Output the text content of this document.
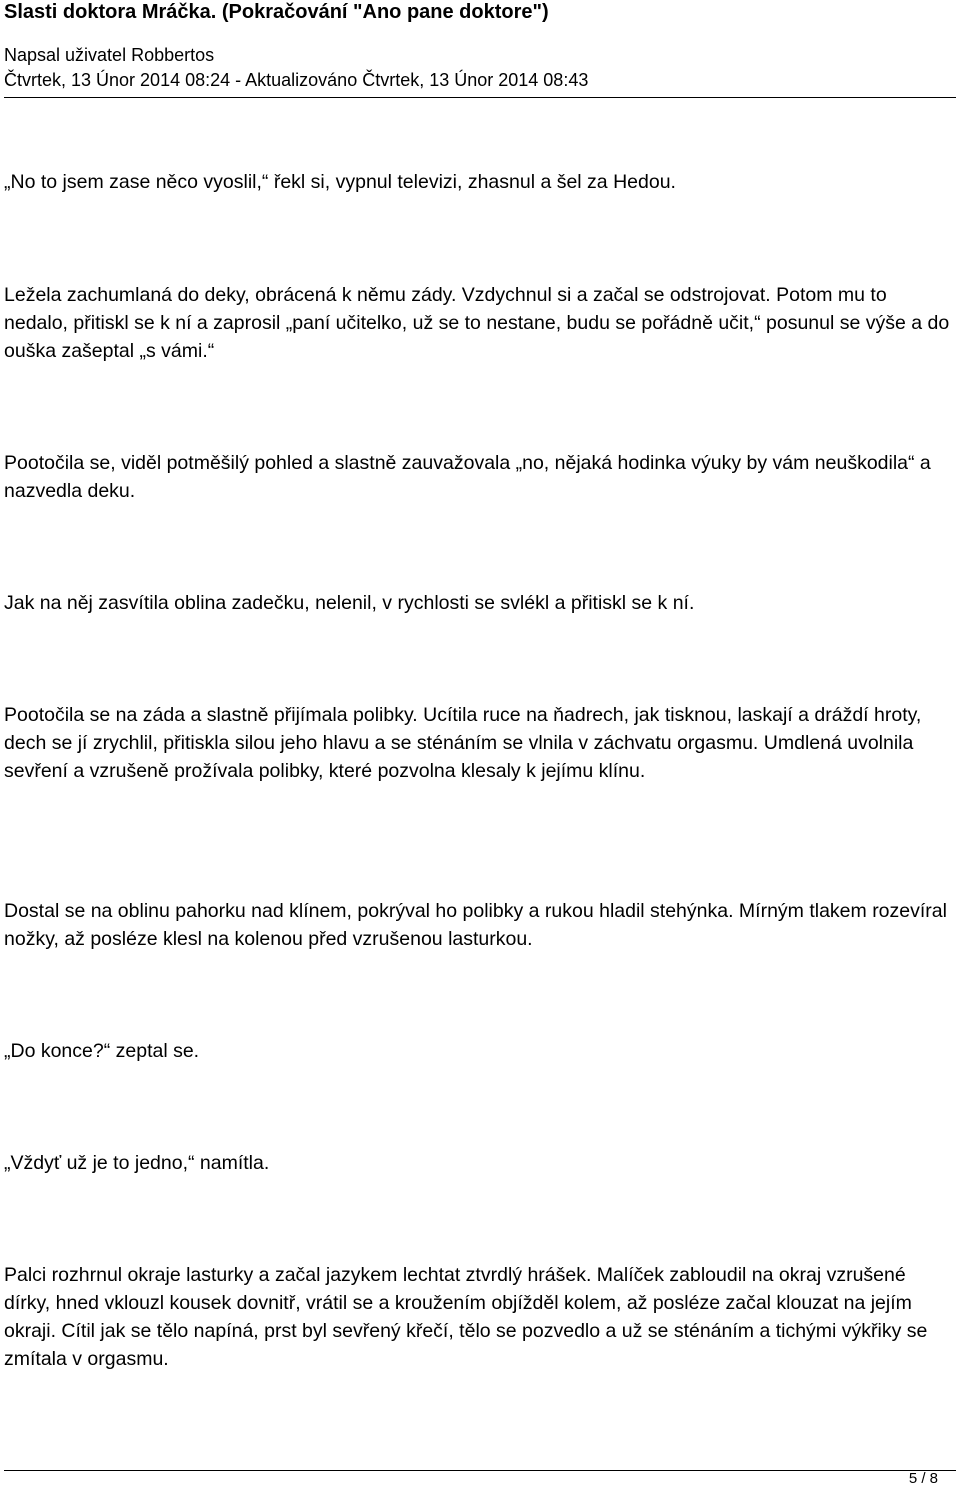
Slasti doktora Mráčka. (Pokračování "Ano pane doktore")
Napsal uživatel Robbertos
Čtvrtek, 13 Únor 2014 08:24 - Aktualizováno Čtvrtek, 13 Únor 2014 08:43

„No to jsem zase něco vyoslil,“ řekl si, vypnul televizi, zhasnul a šel za Hedou.

Ležela zachumlaná do deky, obrácená k němu zády. Vzdychnul si a začal se odstrojovat. Potom mu to nedalo, přitiskl se k ní a zaprosil „paní učitelko, už se to nestane, budu se pořádně učit,“ posunul se výše a do ouška zašeptal „s vámi.“

Pootočila se, viděl potměšilý pohled a slastně zauvažovala „no, nějaká hodinka výuky by vám neuškodila“ a nazvedla deku.

Jak na něj zasvítila oblina zadečku, nelenil, v rychlosti se svlékl a přitiskl se k ní.

Pootočila se na záda a slastně přijímala polibky. Ucítila ruce na ňadrech, jak tisknou, laskají a dráždí hroty, dech se jí zrychlil, přitiskla silou jeho hlavu a se sténáním se vlnila v záchvatu orgasmu. Umdlená uvolnila sevření a vzrušeně prožívala polibky, které pozvolna klesaly k jejímu klínu.

Dostal se na oblinu pahorku nad klínem, pokrýval ho polibky a rukou hladil stehýnka. Mírným tlakem rozevíral nožky, až posléze klesl na kolenou před vzrušenou lasturkou.

„Do konce?“ zeptal se.

„Vždyť už je to jedno,“ namítla.

Palci rozhrnul okraje lasturky a začal jazykem lechtat ztvrdlý hrášek. Malíček zabloudil na okraj vzrušené dírky, hned vklouzl kousek dovnitř, vrátil se a kroužením objížděl kolem, až posléze začal klouzat na jejím okraji. Cítil jak se tělo napíná, prst byl sevřený křečí, tělo se pozvedlo a už se sténáním a tichými výkřiky se zmítala v orgasmu.

5 / 8
